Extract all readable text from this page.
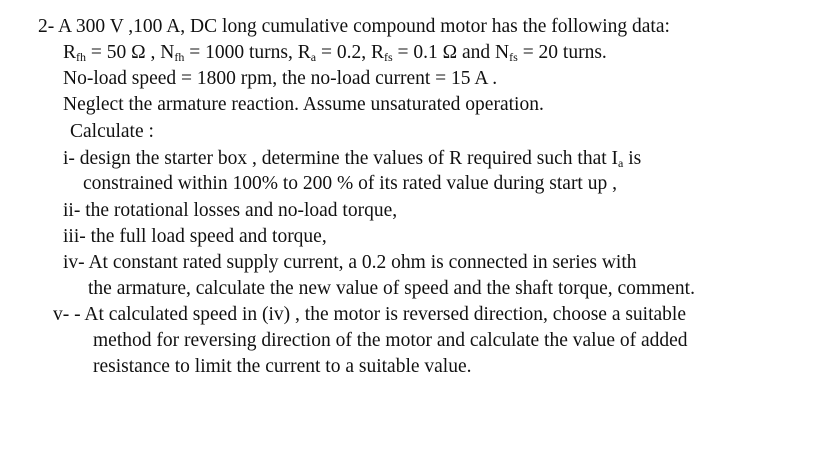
2- A 300 V ,100 A, DC long cumulative compound motor has the following data:
$R_{fh} = 50$ Ω , $N_{fh} = 1000$ turns, $R_a = 0.2$, $R_{fs} = 0.1$ Ω and $N_{fs} = 20$ turns.
No-load speed = 1800 rpm, the no-load current = 15 A .
Neglect the armature reaction. Assume unsaturated operation.
Calculate :
i- design the starter box , determine the values of R required such that $I_a$ is
constrained within 100% to 200 % of its rated value during start up ,
ii- the rotational losses and no-load torque,
iii- the full load speed and torque,
iv- At constant rated supply current, a 0.2 ohm is connected in series with
the armature, calculate the new value of speed and the shaft torque, comment.
v- - At calculated speed in (iv) , the motor is reversed direction, choose a suitable
method for reversing direction of the motor and calculate the value of added
resistance to limit the current to a suitable value.
